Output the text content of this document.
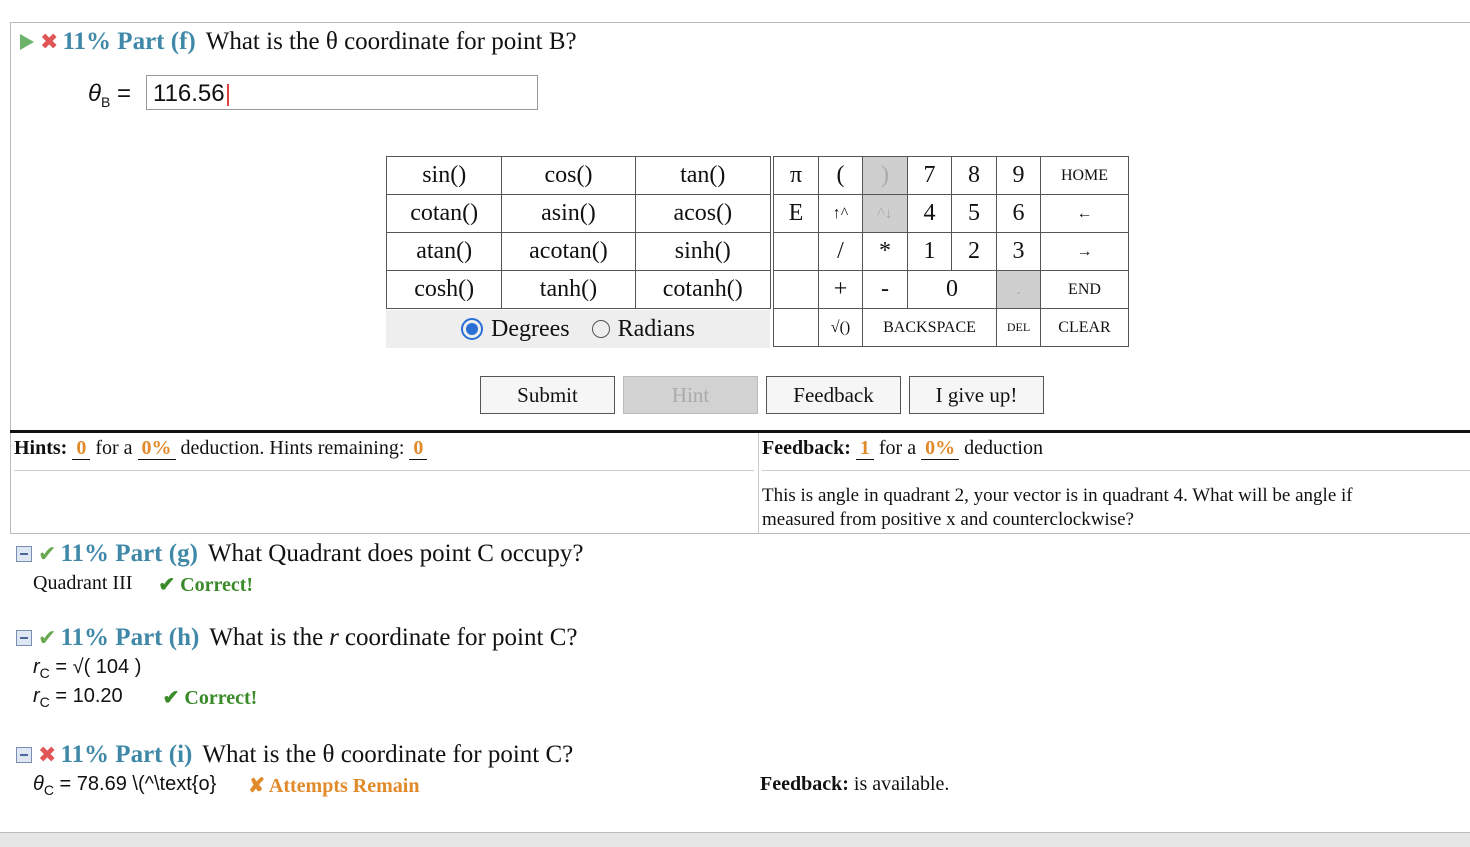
✖ 11% Part (f) What is the θ coordinate for point B?
$\theta_B = 116.56$
sin()	cos()	tan()
cotan()	asin()	acos()
atan()	acotan()	sinh()
cosh()	tanh()	cotanh()
Degrees Radians
π	(	)	7	8	9	HOME
E	↑^	^↓	4	5	6	←
	/	*	1	2	3	→
	+	-	0		.	END
	√()	BACKSPACE			DEL	CLEAR
Submit	Hint	Feedback	I give up!
Hints: 0 for a 0% deduction. Hints remaining: 0	Feedback: 1 for a 0% deduction
This is angle in quadrant 2, your vector is in quadrant 4. What will be angle if
measured from positive x and counterclockwise?
✔ 11% Part (g) What Quadrant does point C occupy?
Quadrant III ✔ Correct!
✔ 11% Part (h) What is the r coordinate for point C?
$r_C$ = √( 104 )
$r_C = 10.20$ ✔ Correct!
✖ 11% Part (i) What is the θ coordinate for point C?
$\theta_C = 78.69$ \(^\text{o} ✘ Attempts Remain	Feedback: is available.
